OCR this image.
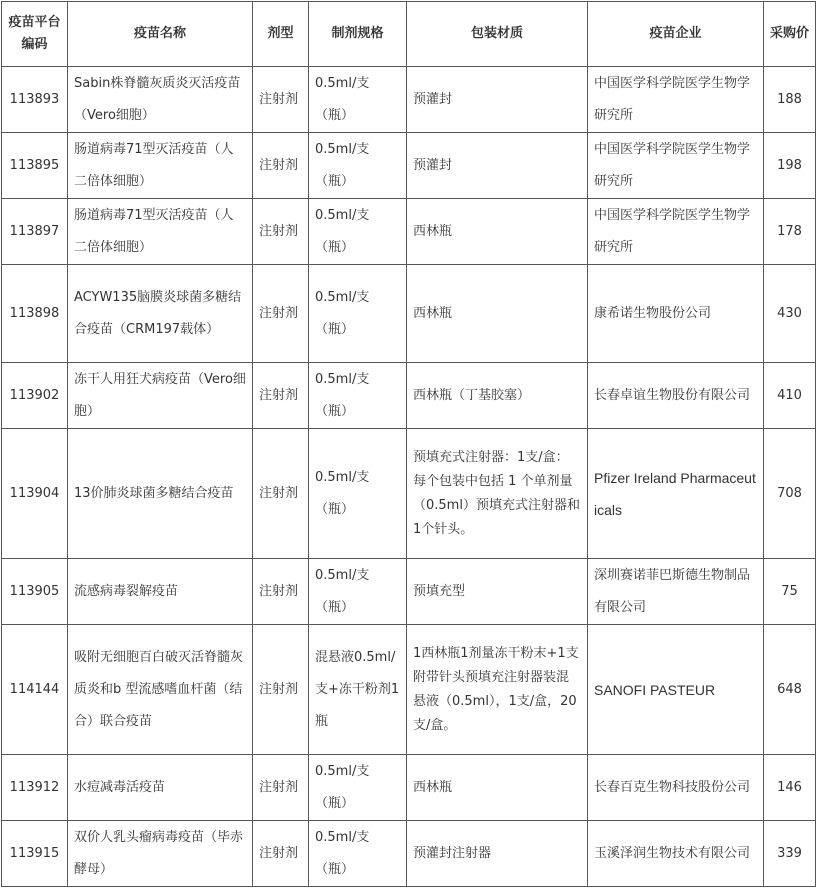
疫苗平台编码	疫苗名称	剂型	制剂规格	包装材质	疫苗企业	采购价
113893	Sabin株脊髓灰质炎灭活疫苗（Vero细胞）	注射剂	0.5ml/支（瓶）	预灌封	中国医学科学院医学生物学研究所	188
113895	肠道病毒71型灭活疫苗（人二倍体细胞）	注射剂	0.5ml/支（瓶）	预灌封	中国医学科学院医学生物学研究所	198
113897	肠道病毒71型灭活疫苗（人二倍体细胞）	注射剂	0.5ml/支（瓶）	西林瓶	中国医学科学院医学生物学研究所	178
113898	ACYW135脑膜炎球菌多糖结合疫苗（CRM197载体）	注射剂	0.5ml/支（瓶）	西林瓶	康希诺生物股份公司	430
113902	冻干人用狂犬病疫苗（Vero细胞）	注射剂	0.5ml/支（瓶）	西林瓶（丁基胶塞）	长春卓谊生物股份有限公司	410
113904	13价肺炎球菌多糖结合疫苗	注射剂	0.5ml/支（瓶）	预填充式注射器：1支/盒：每个包装中包括 1 个单剂量（0.5ml）预填充式注射器和1个针头。	Pfizer Ireland Pharmaceuticals	708
113905	流感病毒裂解疫苗	注射剂	0.5ml/支（瓶）	预填充型	深圳赛诺菲巴斯德生物制品有限公司	75
114144	吸附无细胞百白破灭活脊髓灰质炎和b 型流感嗜血杆菌（结合）联合疫苗	注射剂	混悬液0.5ml/支+冻干粉剂1瓶	1西林瓶1剂量冻干粉末+1支附带针头预填充注射器装混悬液（0.5ml），1支/盒，20支/盒。	SANOFI PASTEUR	648
113912	水痘减毒活疫苗	注射剂	0.5ml/支（瓶）	西林瓶	长春百克生物科技股份公司	146
113915	双价人乳头瘤病毒疫苗（毕赤酵母）	注射剂	0.5ml/支（瓶）	预灌封注射器	玉溪泽润生物技术有限公司	339
